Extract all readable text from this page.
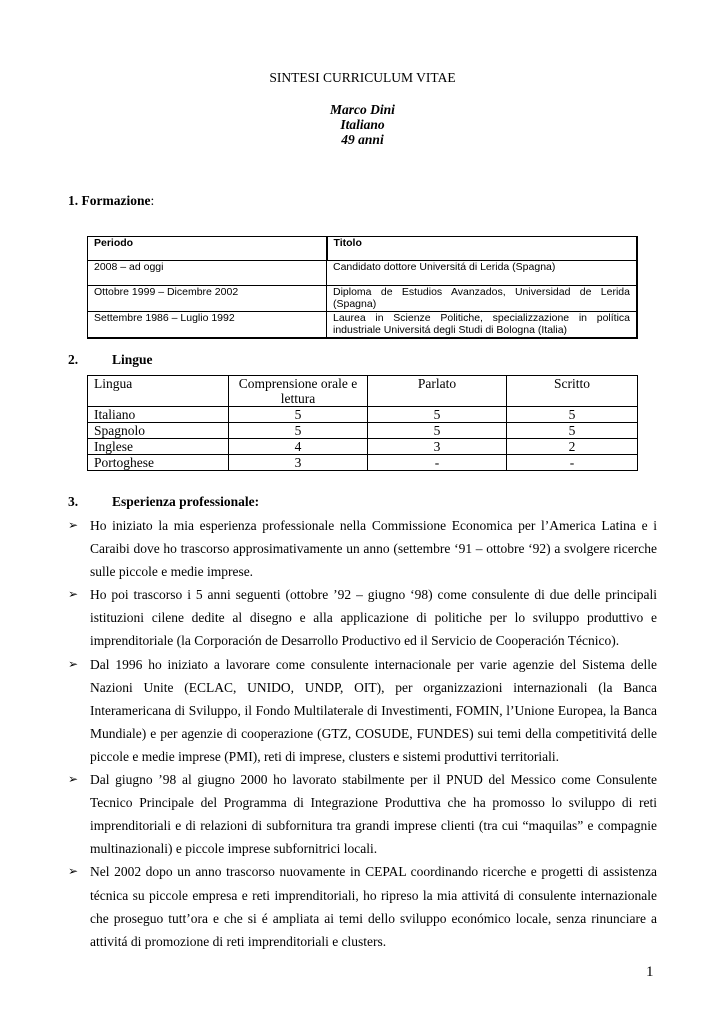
SINTESI CURRICULUM VITAE
Marco Dini
Italiano
49 anni
1. Formazione:
Periodo	Titolo
2008 – ad oggi	Candidato dottore Universitá di Lerida (Spagna)
Ottobre 1999 – Dicembre 2002	Diploma de Estudios Avanzados, Universidad de Lerida (Spagna)
Settembre 1986 – Luglio 1992	Laurea in Scienze Politiche, specializzazione in política industriale Universitá degli Studi di Bologna (Italia)
2.	Lingue
Lingua	Comprensione orale e lettura	Parlato	Scritto
Italiano	5	5	5
Spagnolo	5	5	5
Inglese	4	3	2
Portoghese	3	-	-
3.	Esperienza professionale:
➢ Ho iniziato la mia esperienza professionale nella Commissione Economica per l’America Latina e i Caraibi dove ho trascorso approsimativamente un anno (settembre ‘91 – ottobre ‘92) a svolgere ricerche sulle piccole e medie imprese.
➢ Ho poi trascorso i 5 anni seguenti (ottobre ’92 – giugno ‘98) come consulente di due delle principali istituzioni cilene dedite al disegno e alla applicazione di politiche per lo sviluppo produttivo e imprenditoriale (la Corporación de Desarrollo Productivo ed il Servicio de Cooperación Técnico).
➢ Dal 1996 ho iniziato a lavorare come consulente internacionale per varie agenzie del Sistema delle Nazioni Unite (ECLAC, UNIDO, UNDP, OIT), per organizzazioni internazionali (la Banca Interamericana di Sviluppo, il Fondo Multilaterale di Investimenti, FOMIN, l’Unione Europea, la Banca Mundiale) e per agenzie di cooperazione (GTZ, COSUDE, FUNDES) sui temi della competitivitá delle piccole e medie imprese (PMI), reti di imprese, clusters e sistemi produttivi territoriali.
➢ Dal giugno ’98 al giugno 2000 ho lavorato stabilmente per il PNUD del Messico come Consulente Tecnico Principale del Programma di Integrazione Produttiva che ha promosso lo sviluppo di reti imprenditoriali e di relazioni di subfornitura tra grandi imprese clienti (tra cui “maquilas” e compagnie multinazionali) e piccole imprese subfornitrici locali.
➢ Nel 2002 dopo un anno trascorso nuovamente in CEPAL coordinando ricerche e progetti di assistenza técnica su piccole empresa e reti imprenditoriali, ho ripreso la mia attivitá di consulente internazionale che proseguo tutt’ora e che si é ampliata ai temi dello sviluppo económico locale, senza rinunciare a attivitá di promozione di reti imprenditoriali e clusters.
1
